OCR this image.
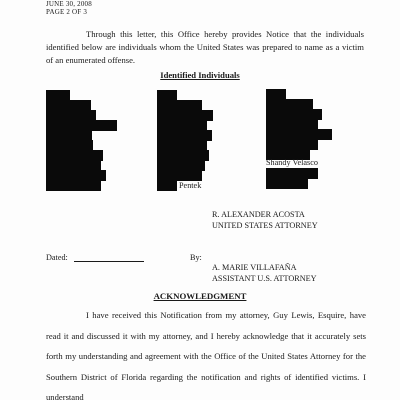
JUNE 30, 2008
PAGE 2 OF 3
Through this letter, this Office hereby provides Notice that the individuals identified below are individuals whom the United States was prepared to name as a victim of an enumerated offense.
Identified Individuals
Pentek
Shandy Velasco
R. ALEXANDER ACOSTA
UNITED STATES ATTORNEY
Dated:	By:
A. MARIE VILLAFAÑA
ASSISTANT U.S. ATTORNEY
ACKNOWLEDGMENT
I have received this Notification from my attorney, Guy Lewis, Esquire, have read it and discussed it with my attorney, and I hereby acknowledge that it accurately sets forth my understanding and agreement with the Office of the United States Attorney for the Southern District of Florida regarding the notification and rights of identified victims. I understand
